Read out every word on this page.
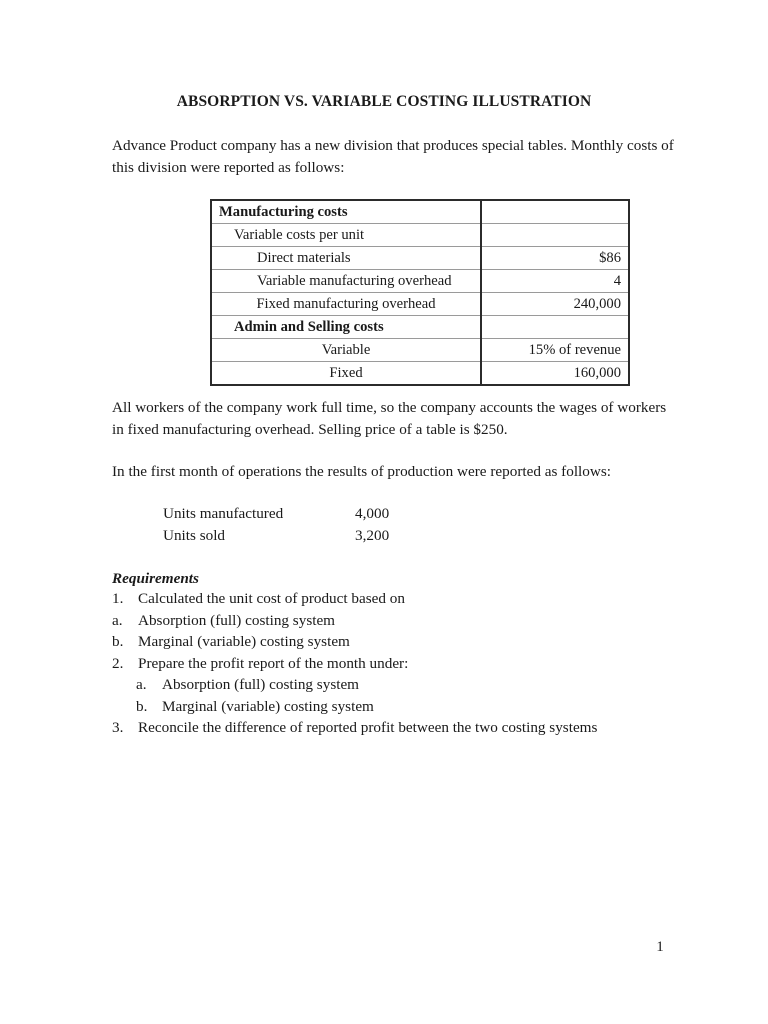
ABSORPTION VS. VARIABLE COSTING ILLUSTRATION
Advance Product company has a new division that produces special tables. Monthly costs of this division were reported as follows:
Manufacturing costs	
Variable costs per unit	
Direct materials	$86
Variable manufacturing overhead	4
Fixed manufacturing overhead	240,000
Admin and Selling costs	
Variable	15% of revenue
Fixed	160,000
All workers of the company work full time, so the company accounts the wages of workers in fixed manufacturing overhead. Selling price of a table is $250.
In the first month of operations the results of production were reported as follows:
Units manufactured	4,000
Units sold	3,200
Requirements
1. Calculated the unit cost of product based on
a. Absorption (full) costing system
b. Marginal (variable) costing system
2. Prepare the profit report of the month under:
a. Absorption (full) costing system
b. Marginal (variable) costing system
3. Reconcile the difference of reported profit between the two costing systems
1
